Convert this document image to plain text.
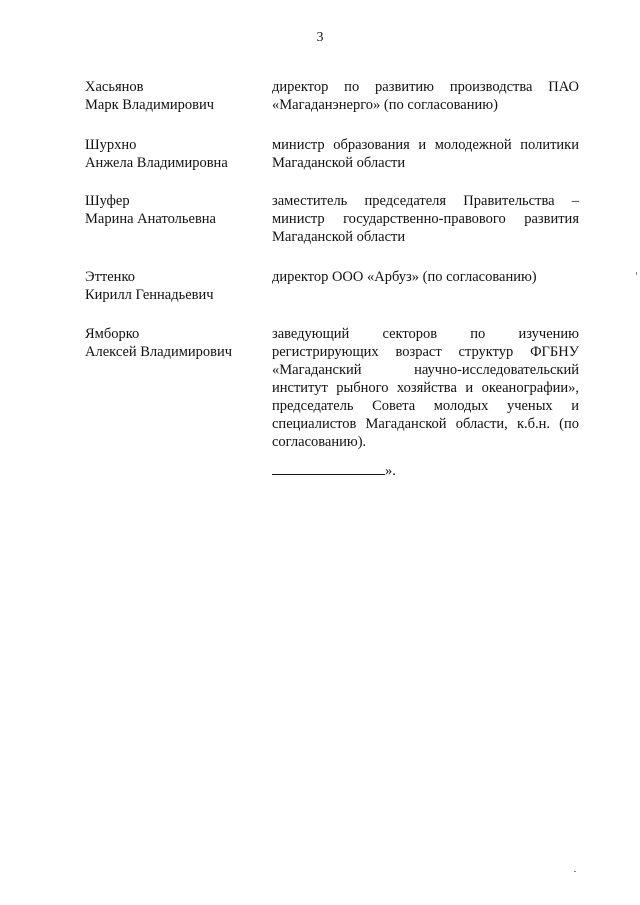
3
Хасьянов
Марк Владимирович
директор по развитию производства ПАО
«Магаданэнерго» (по согласованию)
Шурхно
Анжела Владимировна
министр образования и молодежной политики
Магаданской области
Шуфер
Марина Анатольевна
заместитель председателя Правительства –
министр государственно-правового развития
Магаданской области
Эттенко
Кирилл Геннадьевич
директор ООО «Арбуз» (по согласованию)
Ямборко
Алексей Владимирович
заведующий секторов по изучению
регистрирующих возраст структур ФГБНУ
«Магаданский научно-исследовательский
институт рыбного хозяйства и океанографии»,
председатель Совета молодых ученых и
специалистов Магаданской области, к.б.н. (по
согласованию).
».
